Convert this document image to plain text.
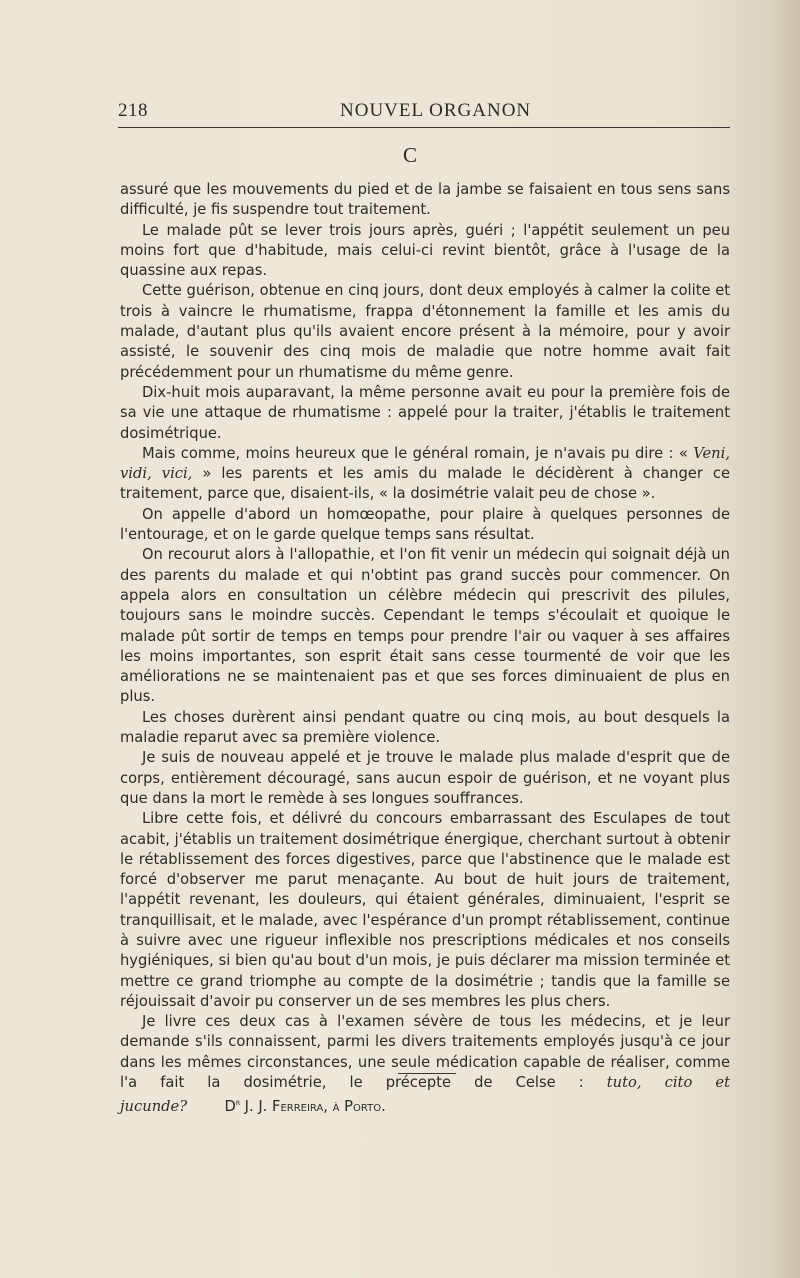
218	NOUVEL ORGANON
C

assuré que les mouvements du pied et de la jambe se faisaient en tous sens sans difficulté, je fis suspendre tout traitement.

Le malade pût se lever trois jours après, guéri ; l'appétit seulement un peu moins fort que d'habitude, mais celui-ci revint bientôt, grâce à l'usage de la quassine aux repas.

Cette guérison, obtenue en cinq jours, dont deux employés à calmer la colite et trois à vaincre le rhumatisme, frappa d'étonnement la famille et les amis du malade, d'autant plus qu'ils avaient encore présent à la mémoire, pour y avoir assisté, le souvenir des cinq mois de maladie que notre homme avait fait précédemment pour un rhumatisme du même genre.

Dix-huit mois auparavant, la même personne avait eu pour la première fois de sa vie une attaque de rhumatisme : appelé pour la traiter, j'établis le traitement dosimétrique.

Mais comme, moins heureux que le général romain, je n'avais pu dire : « Veni, vidi, vici, » les parents et les amis du malade le décidèrent à changer ce traitement, parce que, disaient-ils, « la dosimétrie valait peu de chose ».

On appelle d'abord un homœopathe, pour plaire à quelques personnes de l'entourage, et on le garde quelque temps sans résultat.

On recourut alors à l'allopathie, et l'on fit venir un médecin qui soignait déjà un des parents du malade et qui n'obtint pas grand succès pour commencer. On appela alors en consultation un célèbre médecin qui prescrivit des pilules, toujours sans le moindre succès. Cependant le temps s'écoulait et quoique le malade pût sortir de temps en temps pour prendre l'air ou vaquer à ses affaires les moins importantes, son esprit était sans cesse tourmenté de voir que les améliorations ne se maintenaient pas et que ses forces diminuaient de plus en plus.

Les choses durèrent ainsi pendant quatre ou cinq mois, au bout desquels la maladie reparut avec sa première violence.

Je suis de nouveau appelé et je trouve le malade plus malade d'esprit que de corps, entièrement découragé, sans aucun espoir de guérison, et ne voyant plus que dans la mort le remède à ses longues souffrances.

Libre cette fois, et délivré du concours embarrassant des Esculapes de tout acabit, j'établis un traitement dosimétrique énergique, cherchant surtout à obtenir le rétablissement des forces digestives, parce que l'abstinence que le malade est forcé d'observer me parut menaçante. Au bout de huit jours de traitement, l'appétit revenant, les douleurs, qui étaient générales, diminuaient, l'esprit se tranquillisait, et le malade, avec l'espérance d'un prompt rétablissement, continue à suivre avec une rigueur inflexible nos prescriptions médicales et nos conseils hygiéniques, si bien qu'au bout d'un mois, je puis déclarer ma mission terminée et mettre ce grand triomphe au compte de la dosimétrie ; tandis que la famille se réjouissait d'avoir pu conserver un de ses membres les plus chers.

Je livre ces deux cas à l'examen sévère de tous les médecins, et je leur demande s'ils connaissent, parmi les divers traitements employés jusqu'à ce jour dans les mêmes circonstances, une seule médication capable de réaliser, comme l'a fait la dosimétrie, le précepte de Celse : tuto, cito et jucunde?	$D^r$ J. J. Ferreira, à Porto.
